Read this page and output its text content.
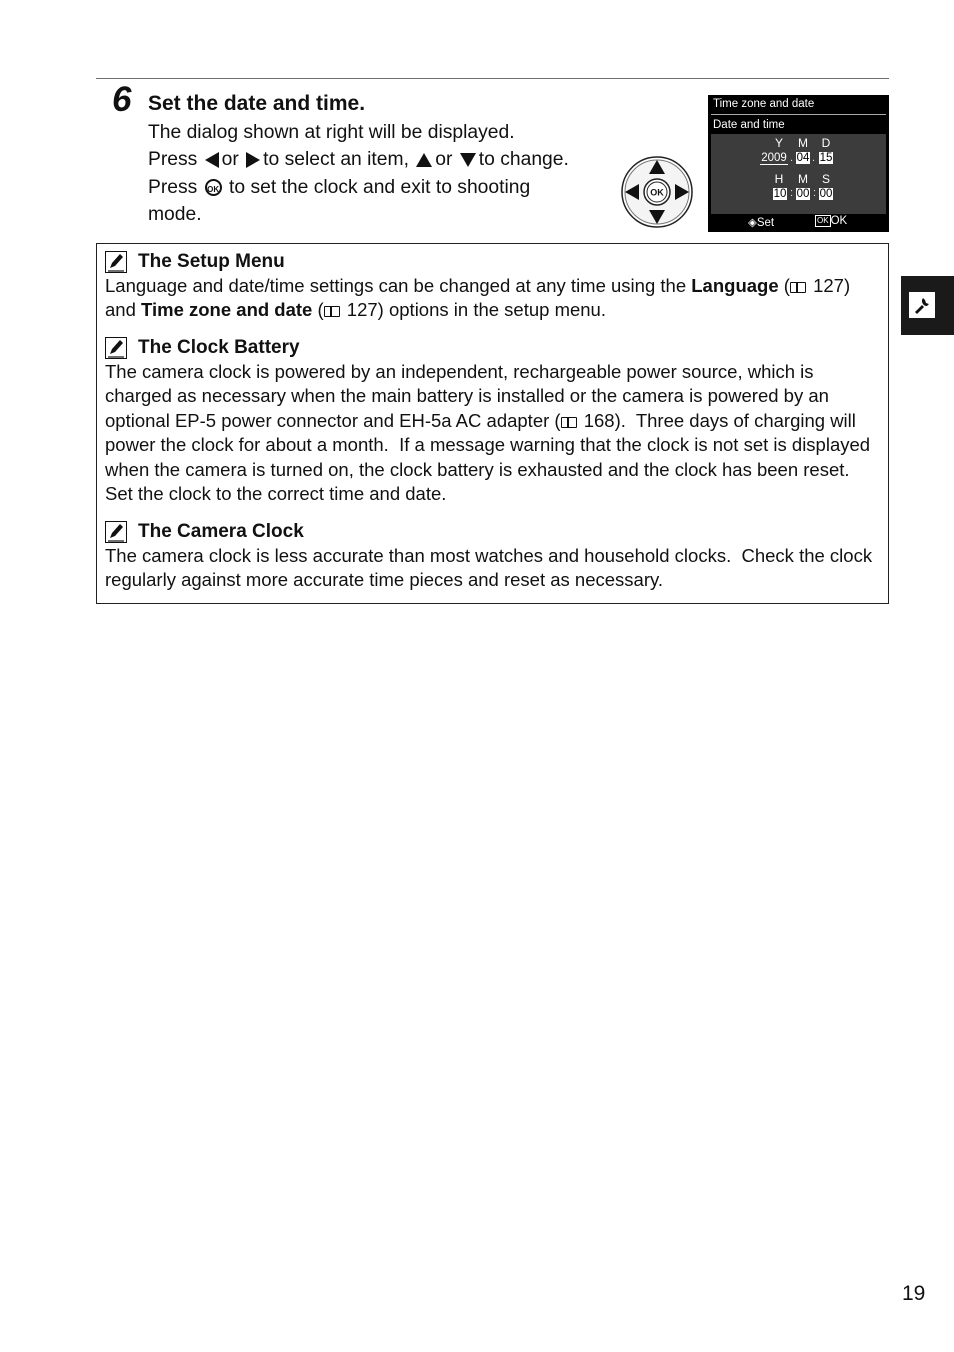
6 Set the date and time.
The dialog shown at right will be displayed.
Press or to select an item, or to change.
Press OK to set the clock and exit to shooting
mode.
OK
Time zone and date
Date and time
Y	M	D
2009 . 04 . 15
H	M	S
10 : 00 : 00
◈Set	OK OK
The Setup Menu

Language and date/time settings can be changed at any time using the Language ( 127)
and Time zone and date ( 127) options in the setup menu.

The Clock Battery

The camera clock is powered by an independent, rechargeable power source, which is charged as necessary when the main battery is installed or the camera is powered by an optional EP-5 power connector and EH-5a AC adapter ( 168).  Three days of charging will power the clock for about a month.  If a message warning that the clock is not set is displayed when the camera is turned on, the clock battery is exhausted and the clock has been reset.  Set the clock to the correct time and date.

The Camera Clock

The camera clock is less accurate than most watches and household clocks.  Check the clock regularly against more accurate time pieces and reset as necessary.

19
